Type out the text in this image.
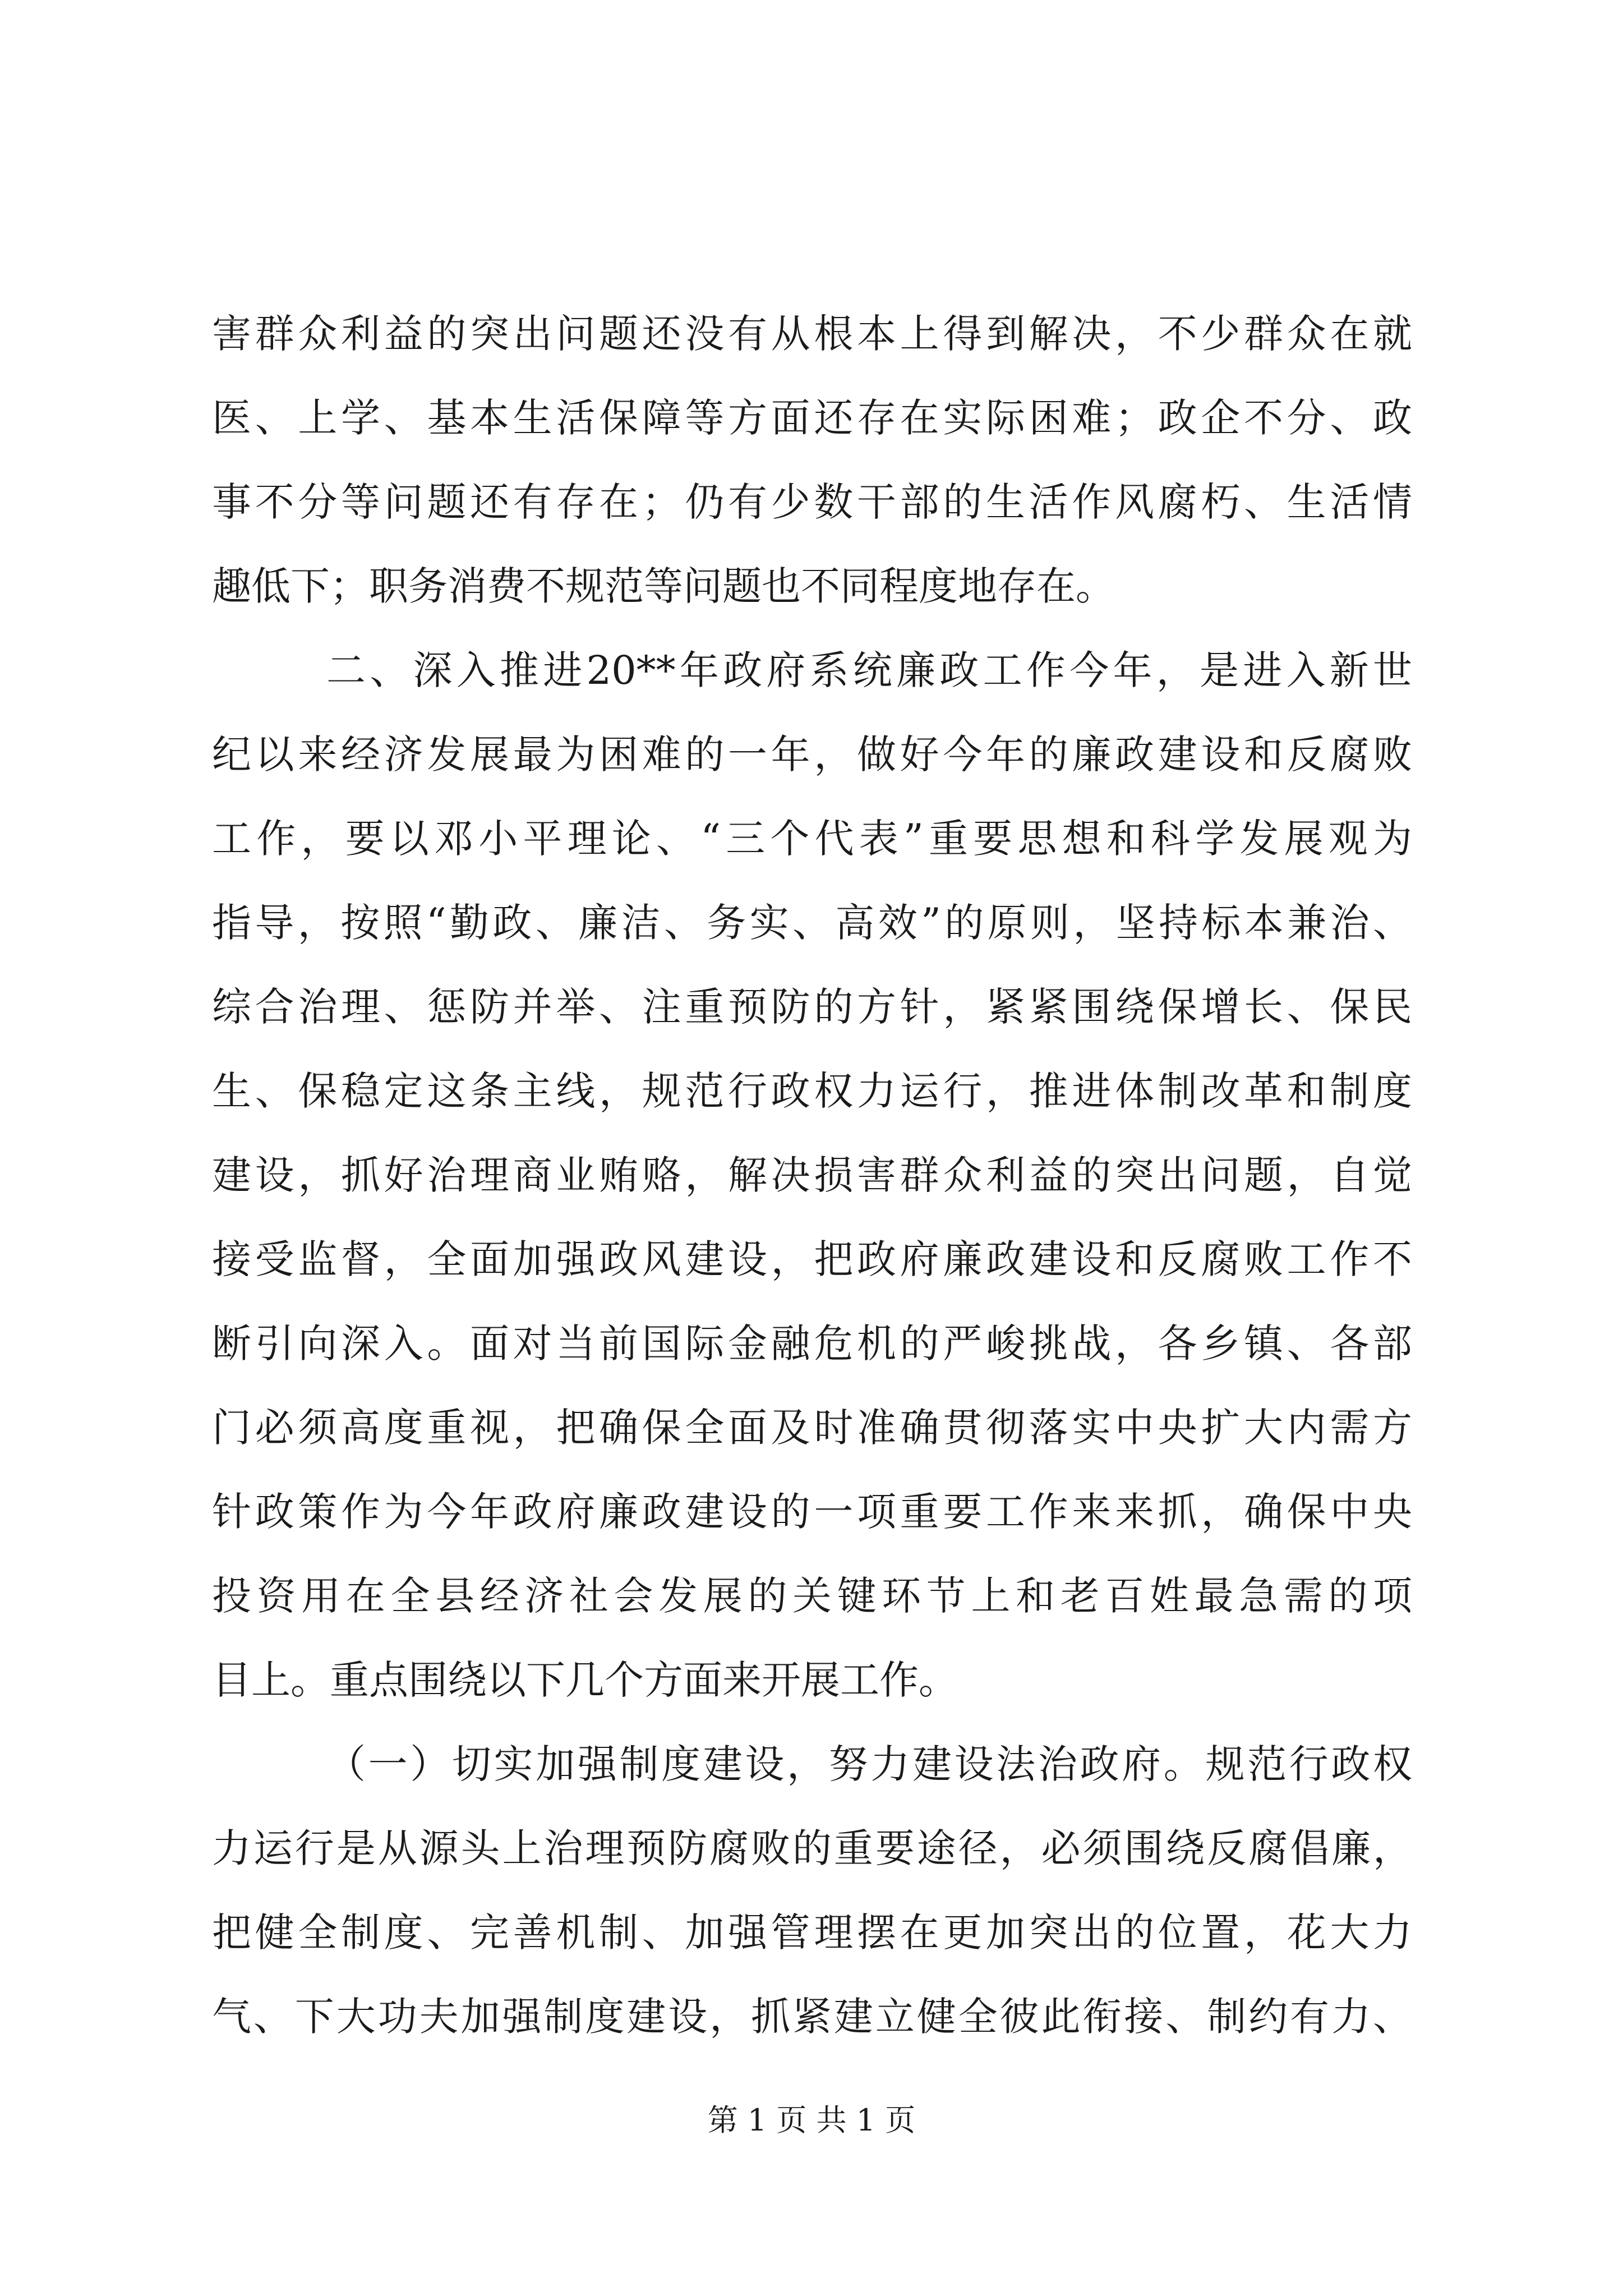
害群众利益的突出问题还没有从根本上得到解决，不少群众在就
医、上学、基本生活保障等方面还存在实际困难；政企不分、政
事不分等问题还有存在；仍有少数干部的生活作风腐朽、生活情
趣低下；职务消费不规范等问题也不同程度地存在。
二、深入推进20**年政府系统廉政工作今年，是进入新世
纪以来经济发展最为困难的一年，做好今年的廉政建设和反腐败
工作，要以邓小平理论、“三个代表”重要思想和科学发展观为
指导，按照“勤政、廉洁、务实、高效”的原则，坚持标本兼治、
综合治理、惩防并举、注重预防的方针，紧紧围绕保增长、保民
生、保稳定这条主线，规范行政权力运行，推进体制改革和制度
建设，抓好治理商业贿赂，解决损害群众利益的突出问题，自觉
接受监督，全面加强政风建设，把政府廉政建设和反腐败工作不
断引向深入。面对当前国际金融危机的严峻挑战，各乡镇、各部
门必须高度重视，把确保全面及时准确贯彻落实中央扩大内需方
针政策作为今年政府廉政建设的一项重要工作来来抓，确保中央
投资用在全县经济社会发展的关键环节上和老百姓最急需的项
目上。重点围绕以下几个方面来开展工作。
（一）切实加强制度建设，努力建设法治政府。规范行政权
力运行是从源头上治理预防腐败的重要途径，必须围绕反腐倡廉，
把健全制度、完善机制、加强管理摆在更加突出的位置，花大力
气、下大功夫加强制度建设，抓紧建立健全彼此衔接、制约有力、
第 1 页 共 1 页
